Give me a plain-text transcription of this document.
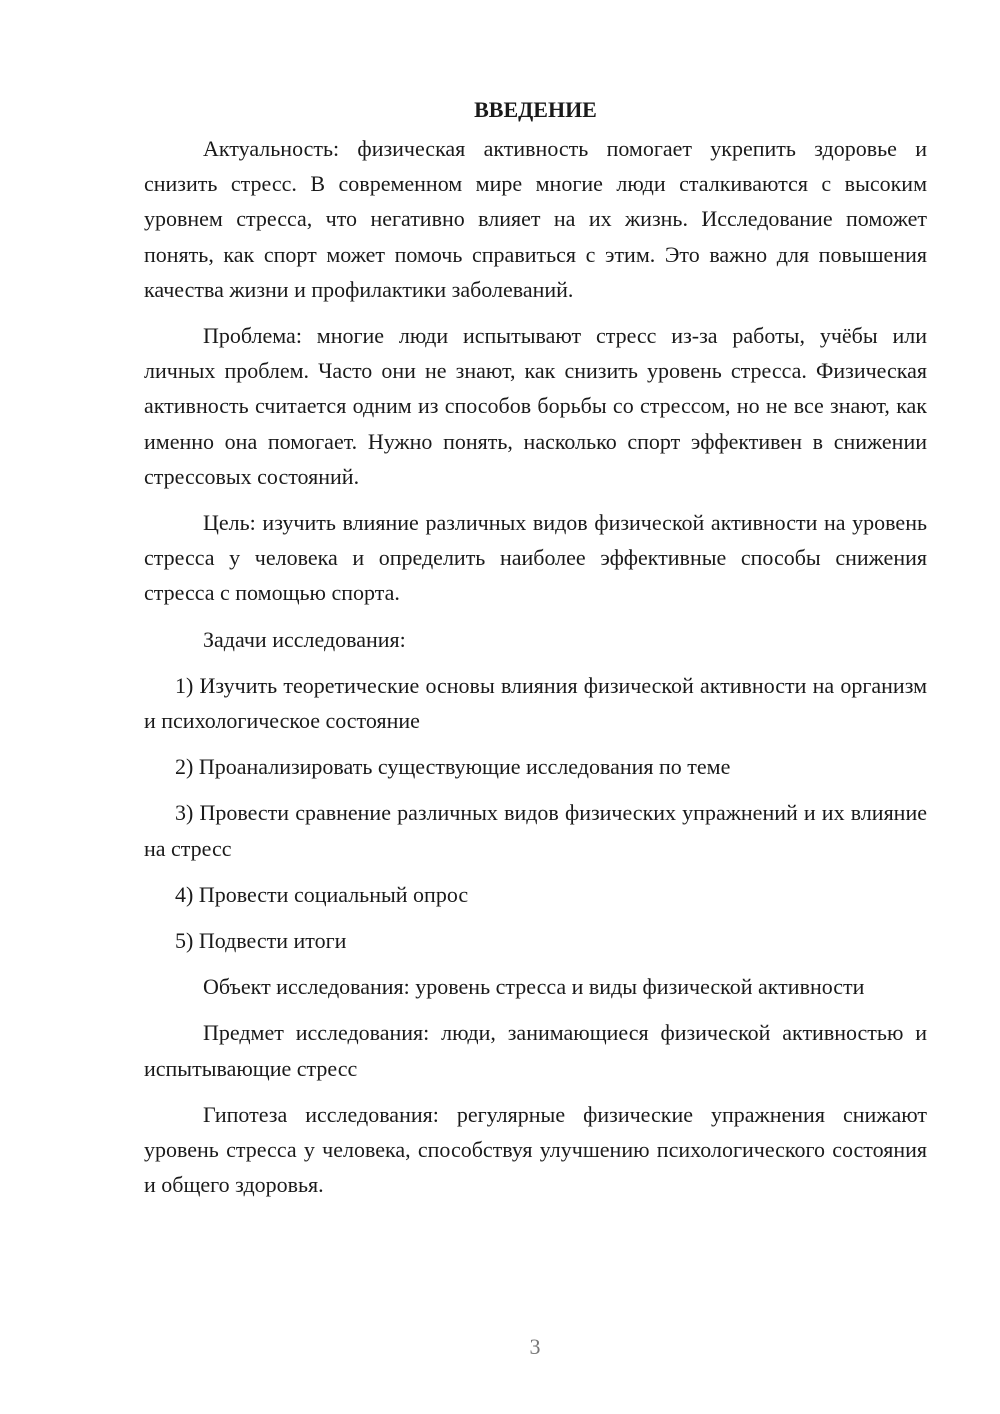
ВВЕДЕНИЕ

Актуальность: физическая активность помогает укрепить здоровье и снизить стресс. В современном мире многие люди сталкиваются с высоким уровнем стресса, что негативно влияет на их жизнь. Исследование поможет понять, как спорт может помочь справиться с этим. Это важно для повышения качества жизни и профилактики заболеваний.

Проблема: многие люди испытывают стресс из-за работы, учёбы или личных проблем. Часто они не знают, как снизить уровень стресса. Физическая активность считается одним из способов борьбы со стрессом, но не все знают, как именно она помогает. Нужно понять, насколько спорт эффективен в снижении стрессовых состояний.

Цель: изучить влияние различных видов физической активности на уровень стресса у человека и определить наиболее эффективные способы снижения стресса с помощью спорта.

Задачи исследования:

1) Изучить теоретические основы влияния физической активности на организм и психологическое состояние

2) Проанализировать существующие исследования по теме

3) Провести сравнение различных видов физических упражнений и их влияние на стресс

4) Провести социальный опрос

5) Подвести итоги

Объект исследования: уровень стресса и виды физической активности

Предмет исследования: люди, занимающиеся физической активностью и испытывающие стресс

Гипотеза исследования: регулярные физические упражнения снижают уровень стресса у человека, способствуя улучшению психологического состояния и общего здоровья.

3
